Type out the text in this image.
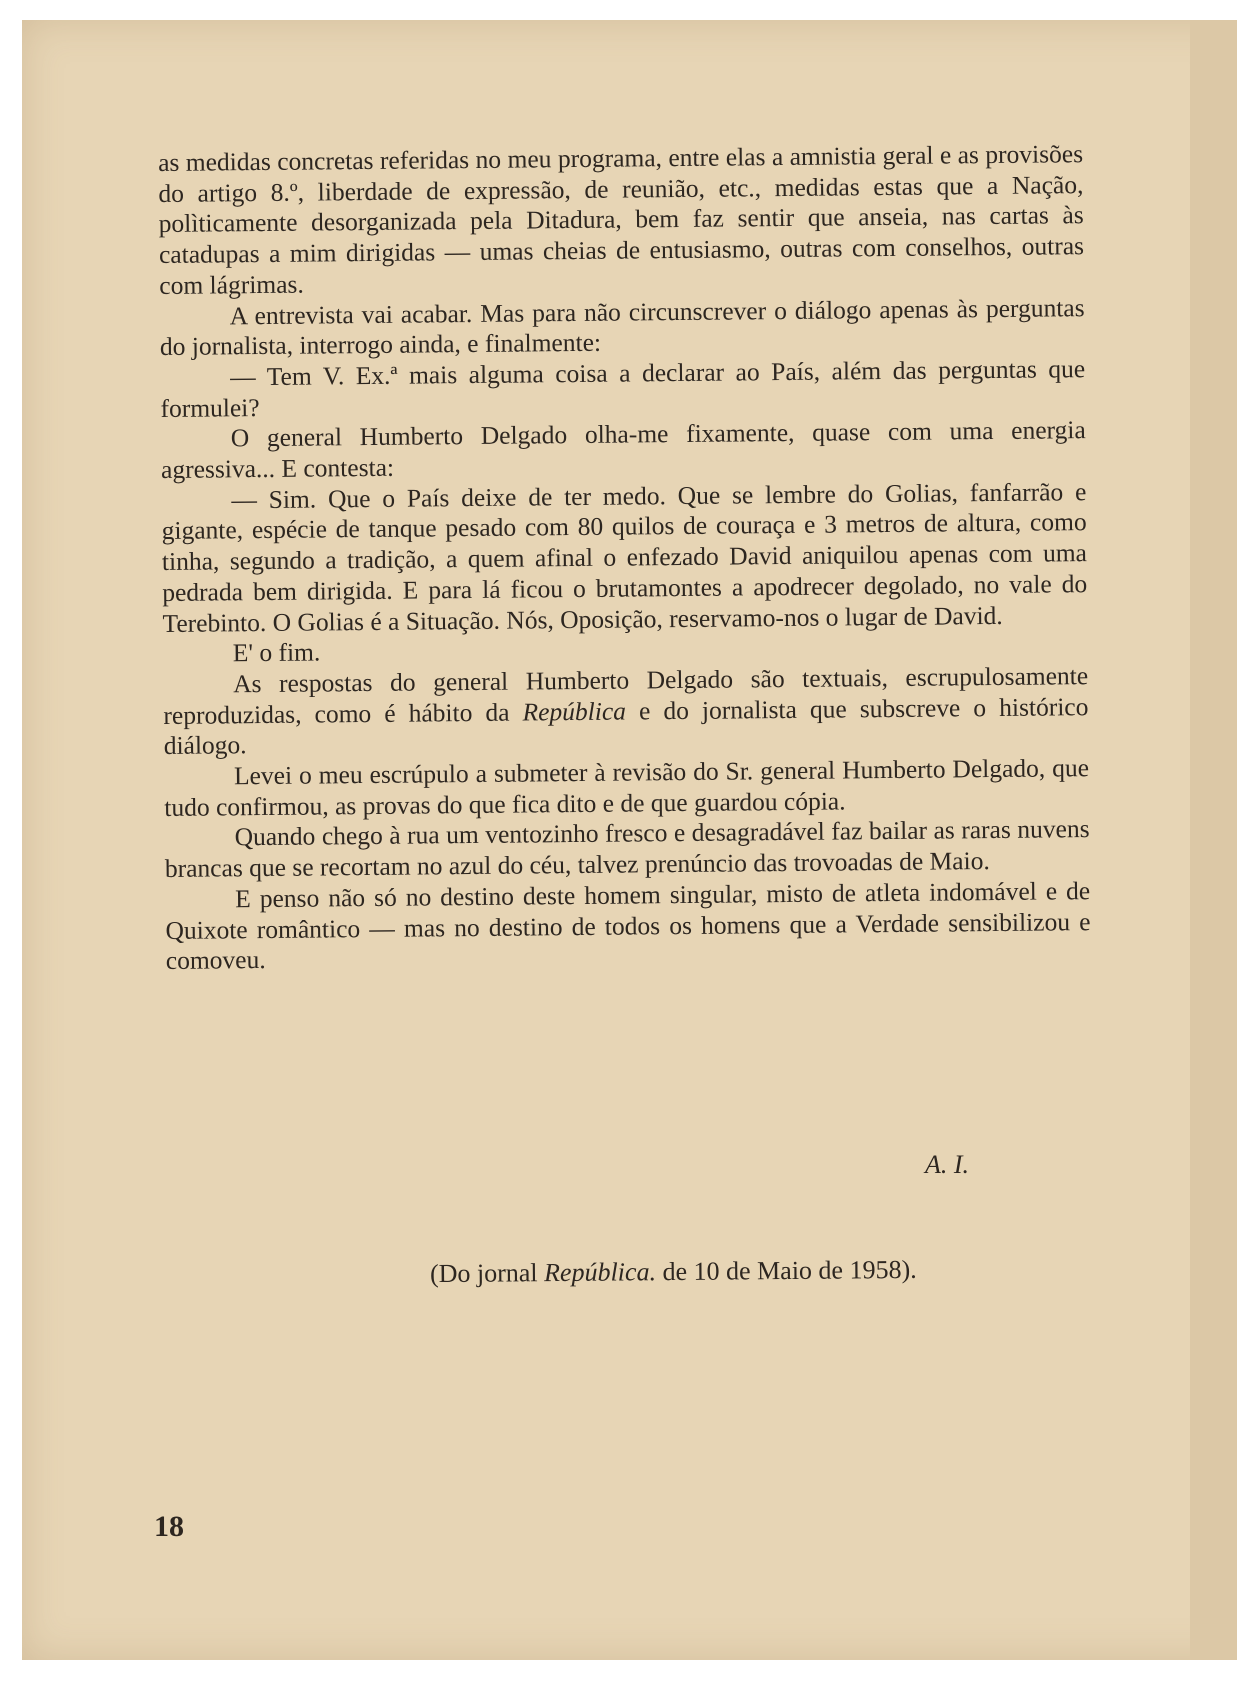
as medidas concretas referidas no meu programa, entre elas a amnistia geral e as provisões do artigo 8.º, liberdade de expressão, de reunião, etc., medidas estas que a Nação, polìticamente desorganizada pela Ditadura, bem faz sentir que anseia, nas cartas às catadupas a mim dirigidas — umas cheias de entusiasmo, outras com conselhos, outras com lágrimas.

A entrevista vai acabar. Mas para não circunscrever o diálogo apenas às perguntas do jornalista, interrogo ainda, e finalmente:

— Tem V. Ex.ª mais alguma coisa a declarar ao País, além das perguntas que formulei?

O general Humberto Delgado olha-me fixamente, quase com uma energia agressiva... E contesta:

— Sim. Que o País deixe de ter medo. Que se lembre do Golias, fanfarrão e gigante, espécie de tanque pesado com 80 quilos de couraça e 3 metros de altura, como tinha, segundo a tradição, a quem afinal o enfezado David aniquilou apenas com uma pedrada bem dirigida. E para lá ficou o brutamontes a apodrecer degolado, no vale do Terebinto. O Golias é a Situação. Nós, Oposição, reservamo-nos o lugar de David.

E' o fim.

As respostas do general Humberto Delgado são textuais, escrupulosamente reproduzidas, como é hábito da República e do jornalista que subscreve o histórico diálogo.

Levei o meu escrúpulo a submeter à revisão do Sr. general Humberto Delgado, que tudo confirmou, as provas do que fica dito e de que guardou cópia.

Quando chego à rua um ventozinho fresco e desagradável faz bailar as raras nuvens brancas que se recortam no azul do céu, talvez prenúncio das trovoadas de Maio.

E penso não só no destino deste homem singular, misto de atleta indomável e de Quixote romântico — mas no destino de todos os homens que a Verdade sensibilizou e comoveu.

A. I.
(Do jornal República. de 10 de Maio de 1958).
18
